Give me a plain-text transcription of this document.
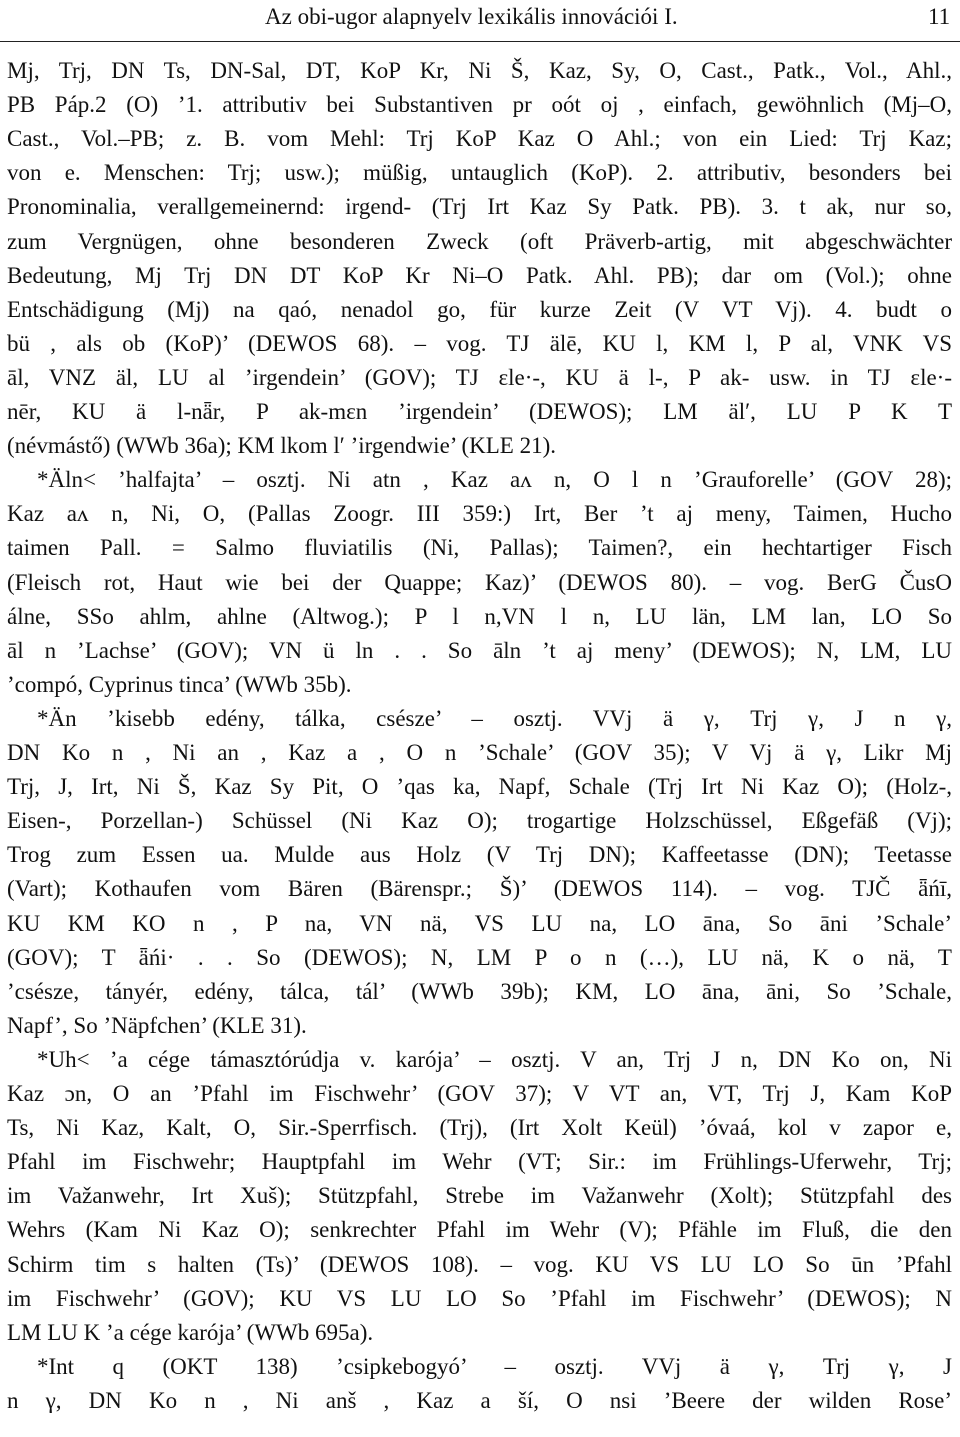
Az obi-ugor alapnyelv lexikális innovációi I.	11
Mj, Trj, DN Ts, DN-Sal, DT, KoP Kr, Ni Š, Kaz, Sy, O, Cast., Patk., Vol., Ahl.,
PB Páp.2 (O) ’1. attributiv bei Substantiven pr oót oj , einfach, gewöhnlich (Mj–O,
Cast., Vol.–PB; z. B. vom Mehl: Trj KoP Kaz O Ahl.; von ein Lied: Trj Kaz;
von e. Menschen: Trj; usw.); müßig, untauglich (KoP). 2. attributiv, besonders bei
Pronominalia, verallgemeinernd: irgend- (Trj Irt Kaz Sy Patk. PB). 3. t ak, nur so,
zum Vergnügen, ohne besonderen Zweck (oft Präverb-artig, mit abgeschwächter
Bedeutung, Mj Trj DN DT KoP Kr Ni–O Patk. Ahl. PB); dar om (Vol.); ohne
Entschädigung (Mj) na qaó, nenadol go, für kurze Zeit (V VT Vj). 4. budt o
bü , als ob (KoP)’ (DEWOS 68). – vog. TJ älē, KU l, KM l, P al, VNK VS
āl, VNZ äl, LU al ’irgendein’ (GOV); TJ εle·-, KU ä l-, P ak- usw. in TJ εle·-
nēr, KU ä l-nǟr, P ak-mεn ’irgendein’ (DEWOS); LM äl′, LU P K T
(névmástő) (WWb 36a); KM lkom l′ ’irgendwie’ (KLE 21).
*Äln< ’halfajta’ – osztj. Ni atn , Kaz aʌ n, O l n ’Grauforelle’ (GOV 28);
Kaz aʌ n, Ni, O, (Pallas Zoogr. III 359:) Irt, Ber ’t aj meny, Taimen, Hucho
taimen Pall. = Salmo fluviatilis (Ni, Pallas); Taimen?, ein hechtartiger Fisch
(Fleisch rot, Haut wie bei der Quappe; Kaz)’ (DEWOS 80). – vog. BerG ČusO
álne, SSo ahlm, ahlne (Altwog.); P l n,VN l n, LU län, LM lan, LO So
āl n ’Lachse’ (GOV); VN ü ln . . So āln ’t aj meny’ (DEWOS); N, LM, LU
’compó, Cyprinus tinca’ (WWb 35b).
*Än ’kisebb edény, tálka, csésze’ – osztj. VVj ä γ, Trj γ, J n γ,
DN Ko n , Ni an , Kaz a , O n ’Schale’ (GOV 35); V Vj ä γ, Likr Mj
Trj, J, Irt, Ni Š, Kaz Sy Pit, O ’qas ka, Napf, Schale (Trj Irt Ni Kaz O); (Holz-,
Eisen-, Porzellan-) Schüssel (Ni Kaz O); trogartige Holzschüssel, Eßgefäß (Vj);
Trog zum Essen ua. Mulde aus Holz (V Trj DN); Kaffeetasse (DN); Teetasse
(Vart); Kothaufen vom Bären (Bärenspr.; Š)’ (DEWOS 114). – vog. TJČ ǟńī,
KU KM KO n , P na, VN nä, VS LU na, LO āna, So āni ’Schale’
(GOV); T ǟńi· . . So (DEWOS); N, LM P o n (…), LU nä, K o nä, T
’csésze, tányér, edény, tálca, tál’ (WWb 39b); KM, LO āna, āni, So ’Schale,
Napf’, So ’Näpfchen’ (KLE 31).
*Uh< ’a cége támasztórúdja v. karója’ – osztj. V an, Trj J n, DN Ko on, Ni
Kaz ɔn, O an ’Pfahl im Fischwehr’ (GOV 37); V VT an, VT, Trj J, Kam KoP
Ts, Ni Kaz, Kalt, O, Sir.-Sperrfisch. (Trj), (Irt Xolt Keül) ’óvaá, kol v zapor e,
Pfahl im Fischwehr; Hauptpfahl im Wehr (VT; Sir.: im Frühlings-Uferwehr, Trj;
im Važanwehr, Irt Xuš); Stützpfahl, Strebe im Važanwehr (Xolt); Stützpfahl des
Wehrs (Kam Ni Kaz O); senkrechter Pfahl im Wehr (V); Pfähle im Fluß, die den
Schirm tim s halten (Ts)’ (DEWOS 108). – vog. KU VS LU LO So ūn ’Pfahl
im Fischwehr’ (GOV); KU VS LU LO So ’Pfahl im Fischwehr’ (DEWOS); N
LM LU K ’a cége karója’ (WWb 695a).
*Int q (OKT 138) ’csipkebogyó’ – osztj. VVj ä γ, Trj γ, J
n γ, DN Ko n , Ni anš , Kaz a ší, O nsi ’Beere der wilden Rose’
